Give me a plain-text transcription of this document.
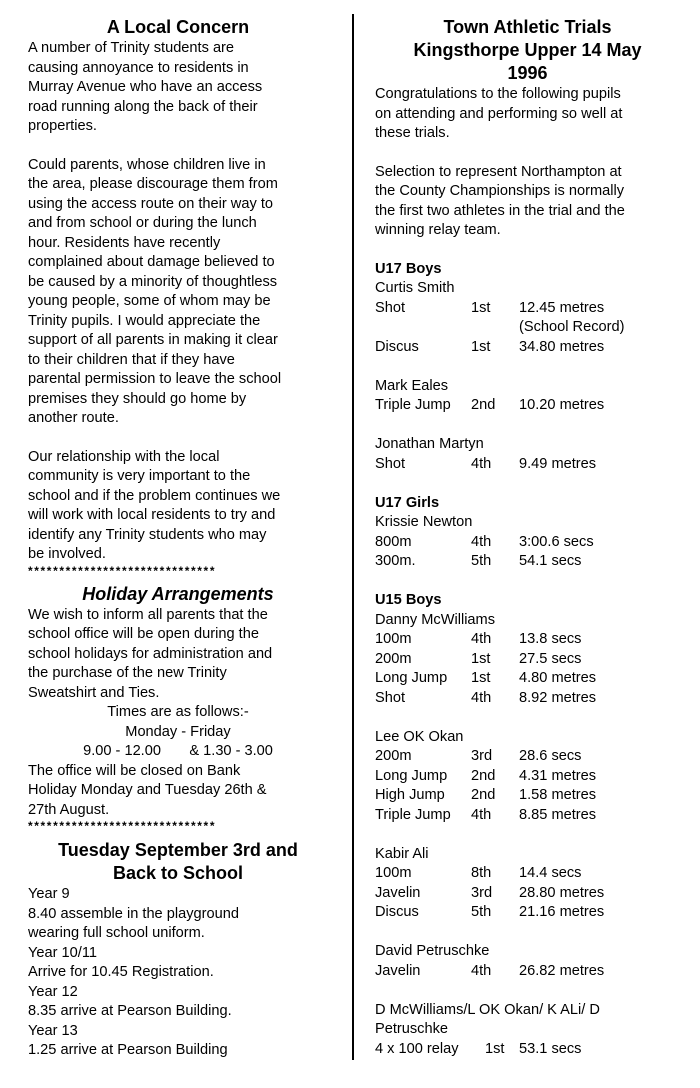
A Local Concern

A number of Trinity students are

causing annoyance to residents in

Murray Avenue who have an access

road running along the back of their

properties.

Could parents, whose children live in

the area, please discourage them from

using the access route on their way to

and from school or during the lunch

hour. Residents have recently

complained about damage believed to

be caused by a minority of thoughtless

young people, some of whom may be

Trinity pupils. I would appreciate the

support of all parents in making it clear

to their children that if they have

parental permission to leave the school

premises they should go home by

another route.

Our relationship with the local

community is very important to the

school and if the problem continues we

will work with local residents to try and

identify any Trinity students who may

be involved.

******************************
Holiday Arrangements

We wish to inform all parents that the

school office will be open during the

school holidays for administration and

the purchase of the new Trinity

Sweatshirt and Ties.

Times are as follows:-

Monday - Friday

9.00 - 12.00       & 1.30 - 3.00

The office will be closed on Bank

Holiday Monday and Tuesday 26th &

27th August.

******************************
Tuesday September 3rd and
Back to School

Year 9

8.40 assemble in the playground

wearing full school uniform.

Year 10/11

Arrive for 10.45 Registration.

Year 12

8.35 arrive at Pearson Building.

Year 13

1.25 arrive at Pearson Building

Town Athletic Trials
Kingsthorpe Upper 14 May
1996

Congratulations to the following pupils

on attending and performing so well at

these trials.

Selection to represent Northampton at

the County Championships is normally

the first two athletes in the trial and the

winning relay team.

U17 Boys

Curtis Smith

Shot	1st	12.45 metres
(School Record)
Discus	1st	34.80 metres

Mark Eales

Triple Jump	2nd	10.20 metres

Jonathan Martyn

Shot	4th	9.49 metres

U17 Girls

Krissie Newton

800m	4th	3:00.6 secs
300m.	5th	54.1 secs

U15 Boys

Danny McWilliams

100m	4th	13.8 secs
200m	1st	27.5 secs
Long Jump	1st	4.80 metres
Shot	4th	8.92 metres

Lee OK Okan

200m	3rd	28.6 secs
Long Jump	2nd	4.31 metres
High Jump	2nd	1.58 metres
Triple Jump	4th	8.85 metres

Kabir Ali

100m	8th	14.4 secs
Javelin	3rd	28.80 metres
Discus	5th	21.16 metres

David Petruschke

Javelin	4th	26.82 metres

D McWilliams/L OK Okan/ K ALi/ D

Petruschke

4 x 100 relay	1st 53.1 secs
